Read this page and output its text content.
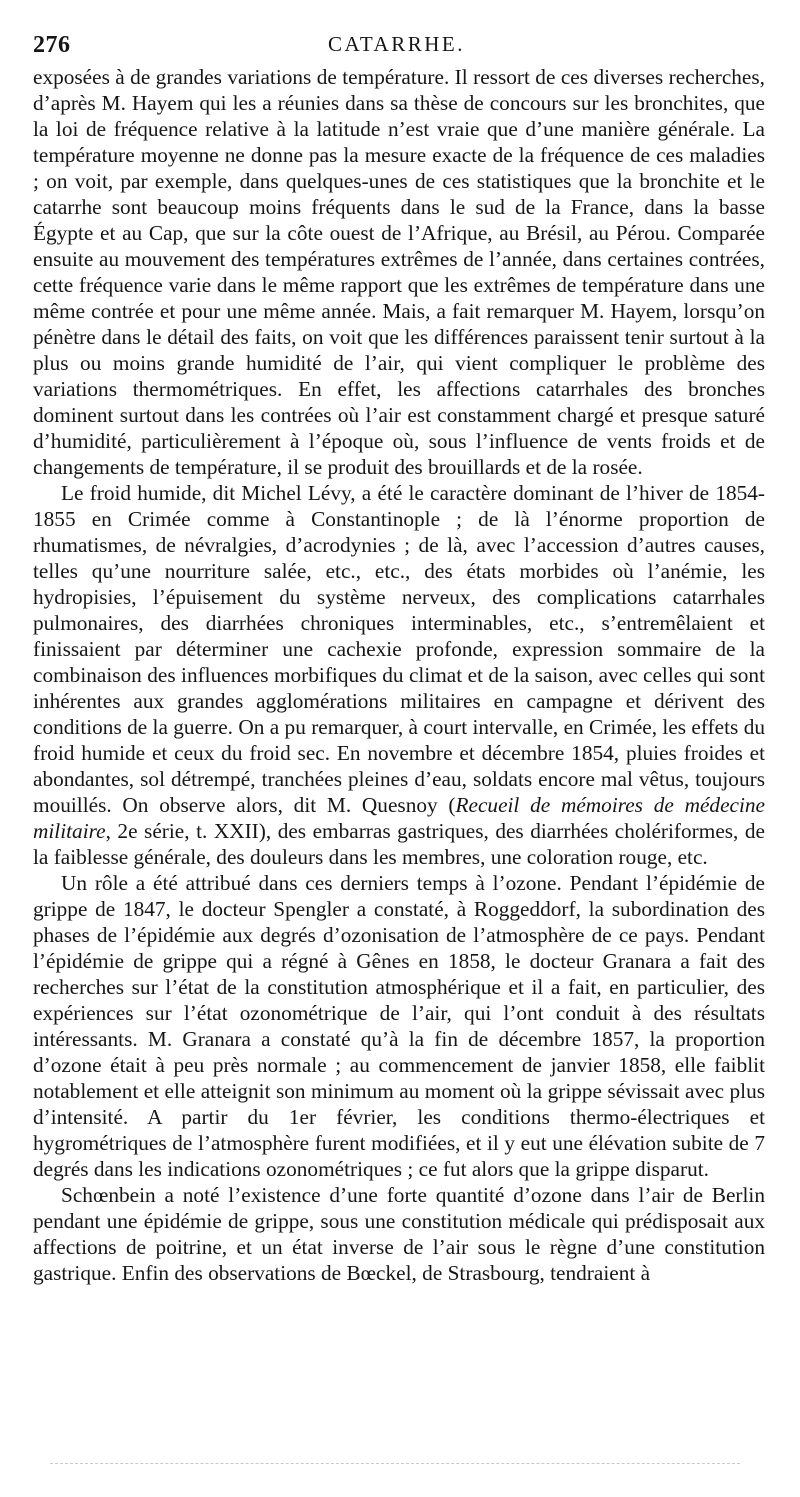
276	CATARRHE.

exposées à de grandes variations de température. Il ressort de ces diverses recherches, d’après M. Hayem qui les a réunies dans sa thèse de concours sur les bronchites, que la loi de fréquence relative à la latitude n’est vraie que d’une manière générale. La température moyenne ne donne pas la mesure exacte de la fréquence de ces maladies ; on voit, par exemple, dans quelques-unes de ces statistiques que la bronchite et le catarrhe sont beaucoup moins fréquents dans le sud de la France, dans la basse Égypte et au Cap, que sur la côte ouest de l’Afrique, au Brésil, au Pérou. Comparée ensuite au mouvement des températures extrêmes de l’année, dans certaines contrées, cette fréquence varie dans le même rapport que les extrêmes de température dans une même contrée et pour une même année. Mais, a fait remarquer M. Hayem, lorsqu’on pénètre dans le détail des faits, on voit que les différences paraissent tenir surtout à la plus ou moins grande humidité de l’air, qui vient compliquer le problème des variations thermométriques. En effet, les affections catarrhales des bronches dominent surtout dans les contrées où l’air est constamment chargé et presque saturé d’humidité, particulièrement à l’époque où, sous l’influence de vents froids et de changements de température, il se produit des brouillards et de la rosée.

Le froid humide, dit Michel Lévy, a été le caractère dominant de l’hiver de 1854-1855 en Crimée comme à Constantinople ; de là l’énorme proportion de rhumatismes, de névralgies, d’acrodynies ; de là, avec l’accession d’autres causes, telles qu’une nourriture salée, etc., etc., des états morbides où l’anémie, les hydropisies, l’épuisement du système nerveux, des complications catarrhales pulmonaires, des diarrhées chroniques interminables, etc., s’entremêlaient et finissaient par déterminer une cachexie profonde, expression sommaire de la combinaison des influences morbifiques du climat et de la saison, avec celles qui sont inhérentes aux grandes agglomérations militaires en campagne et dérivent des conditions de la guerre. On a pu remarquer, à court intervalle, en Crimée, les effets du froid humide et ceux du froid sec. En novembre et décembre 1854, pluies froides et abondantes, sol détrempé, tranchées pleines d’eau, soldats encore mal vêtus, toujours mouillés. On observe alors, dit M. Quesnoy (Recueil de mémoires de médecine militaire, 2e série, t. XXII), des embarras gastriques, des diarrhées cholériformes, de la faiblesse générale, des douleurs dans les membres, une coloration rouge, etc.

Un rôle a été attribué dans ces derniers temps à l’ozone. Pendant l’épidémie de grippe de 1847, le docteur Spengler a constaté, à Roggeddorf, la subordination des phases de l’épidémie aux degrés d’ozonisation de l’atmosphère de ce pays. Pendant l’épidémie de grippe qui a régné à Gênes en 1858, le docteur Granara a fait des recherches sur l’état de la constitution atmosphérique et il a fait, en particulier, des expériences sur l’état ozonométrique de l’air, qui l’ont conduit à des résultats intéressants. M. Granara a constaté qu’à la fin de décembre 1857, la proportion d’ozone était à peu près normale ; au commencement de janvier 1858, elle faiblit notablement et elle atteignit son minimum au moment où la grippe sévissait avec plus d’intensité. A partir du 1er février, les conditions thermo-électriques et hygrométriques de l’atmosphère furent modifiées, et il y eut une élévation subite de 7 degrés dans les indications ozonométriques ; ce fut alors que la grippe disparut.

Schœnbein a noté l’existence d’une forte quantité d’ozone dans l’air de Berlin pendant une épidémie de grippe, sous une constitution médicale qui prédisposait aux affections de poitrine, et un état inverse de l’air sous le règne d’une constitution gastrique. Enfin des observations de Bœckel, de Strasbourg, tendraient à
